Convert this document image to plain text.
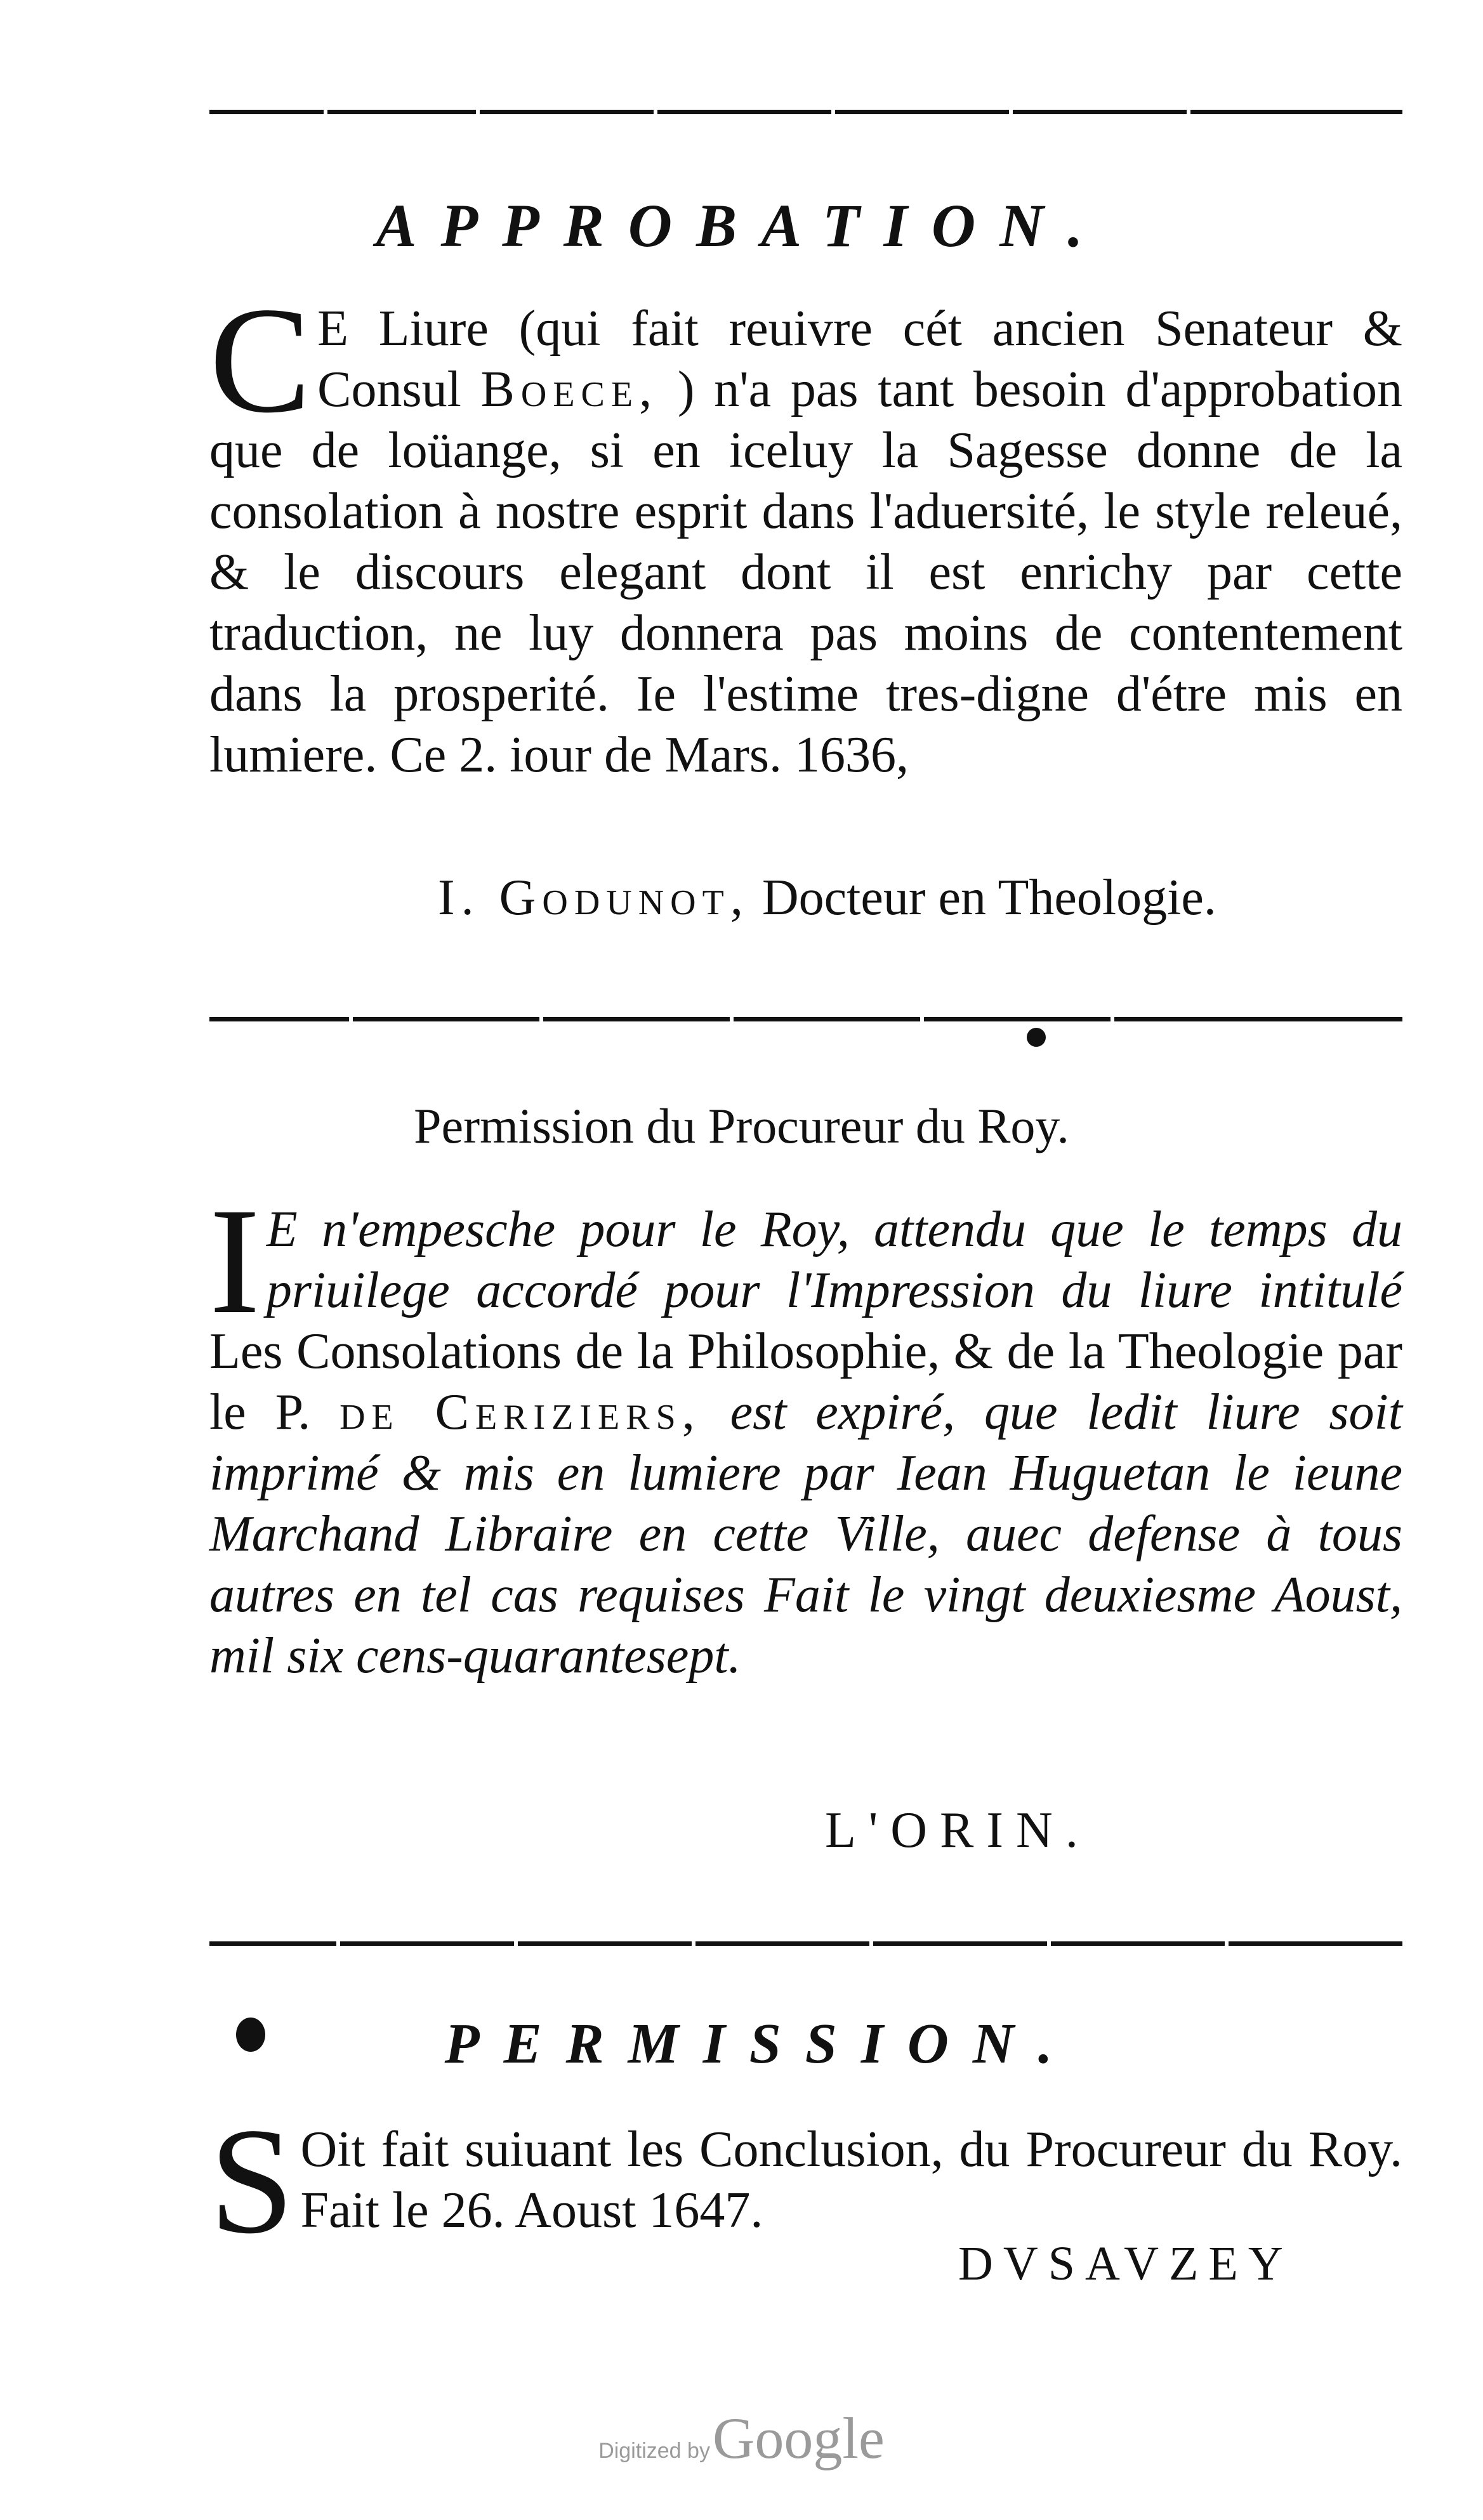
APPROBATION.
C E Liure (qui fait reuivre cét ancien Senateur & Consul Boece, ) n'a pas tant besoin d'approbation que de loüange, si en iceluy la Sagesse donne de la consolation à nostre esprit dans l'aduersité, le style releué, & le discours elegant dont il est enrichy par cette traduction, ne luy donnera pas moins de contentement dans la prosperité. Ie l'estime tres-digne d'étre mis en lumiere. Ce 2. iour de Mars. 1636,
I. Godunot, Docteur en Theologie.
Permission du Procureur du Roy.
I E n'empesche pour le Roy, attendu que le temps du priuilege accordé pour l'Impression du liure intitulé Les Consolations de la Philosophie, & de la Theologie par le P. de Ceriziers, est expiré, que ledit liure soit imprimé & mis en lumiere par Iean Huguetan le ieune Marchand Libraire en cette Ville, auec defense à tous autres en tel cas requises Fait le vingt deuxiesme Aoust, mil six cens-quarantesept.
L'ORIN.
PERMISSION.
S Oit fait suiuant les Conclusion, du Procureur du Roy. Fait le 26. Aoust 1647.
DVSAVZEY
Digitized by Google
